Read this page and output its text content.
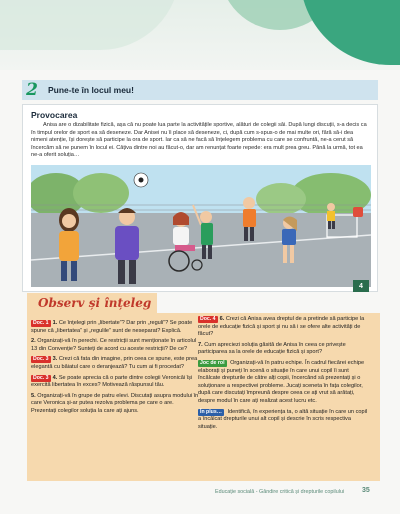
2	Pune-te în locul meu!
Provocarea
Anisa are o dizabilitate fizică, așa că nu poate lua parte la activitățile sportive, alături de colegii săi. După lungi discuții, s-a decis ca în timpul orelor de sport ea să deseneze. Dar Anisei nu îi place să deseneze, ci, după cum s-spus-o de mai multe ori, fără să-i dea nimeni atenție, își dorește să participe la ora de sport. Iar ca să ne facă să înțelegem problema cu care se confruntă, ne-a cerut să încercăm să ne punem în locul ei. Câțiva dintre noi au făcut-o, dar am renunțat foarte repede: era mult prea greu. Până la urmă, tot ea ne-a oferit soluția…
4
Observ și înțeleg
Doc. 1 1. Ce înțelegi prin „libertate”? Dar prin „reguli”? Se poate spune că „libertatea” și „regulile” sunt de neseparat? Explică.
2. Organizați-vă în perechi. Ce restricții sunt menționate în articolul 13 din Convenție? Sunteți de acord cu aceste restricții? De ce?
Doc. 3 3. Crezi că fata din imagine, prin ceea ce spune, este prea elegantă cu băiatul care o deranjează? Tu cum ai fi procedat?
Doc. 3 4. Se poate aprecia că o parte dintre colegii Veronicăi își exercită libertatea în exces? Motivează răspunsul tău.
5. Organizați-vă în grupe de patru elevi. Discutați asupra modului în care Veronica și-ar putea rezolva problema pe care o are. Prezentați colegilor soluția la care ați ajuns.
Doc. 4 6. Crezi că Anisa avea dreptul de a pretinde să participe la orele de educație fizică și sport și nu să i se ofere alte activități de făcut?
7. Cum apreciezi soluția găsită de Anisa în ceea ce privește participarea sa la orele de educație fizică și sport?
Joc de rol Organizați-vă în patru echipe. În cadrul fiecărei echipe elaborați și puneți în scenă o situație în care unui copil îi sunt încălcate drepturile de către alți copii, încercând să prezentați și o soluționare a respectivei probleme. Jucați sceneta în fața colegilor, după care discutați împreună despre ceea ce ați vrut să arătați, despre modul în care ați realizat acest lucru etc.
În plus… Identifică, în experiența ta, o altă situație în care un copil a încălcat drepturile unui alt copil și descrie în scris respectiva situație.
Educație socială - Gândire critică și drepturile copilului	35
